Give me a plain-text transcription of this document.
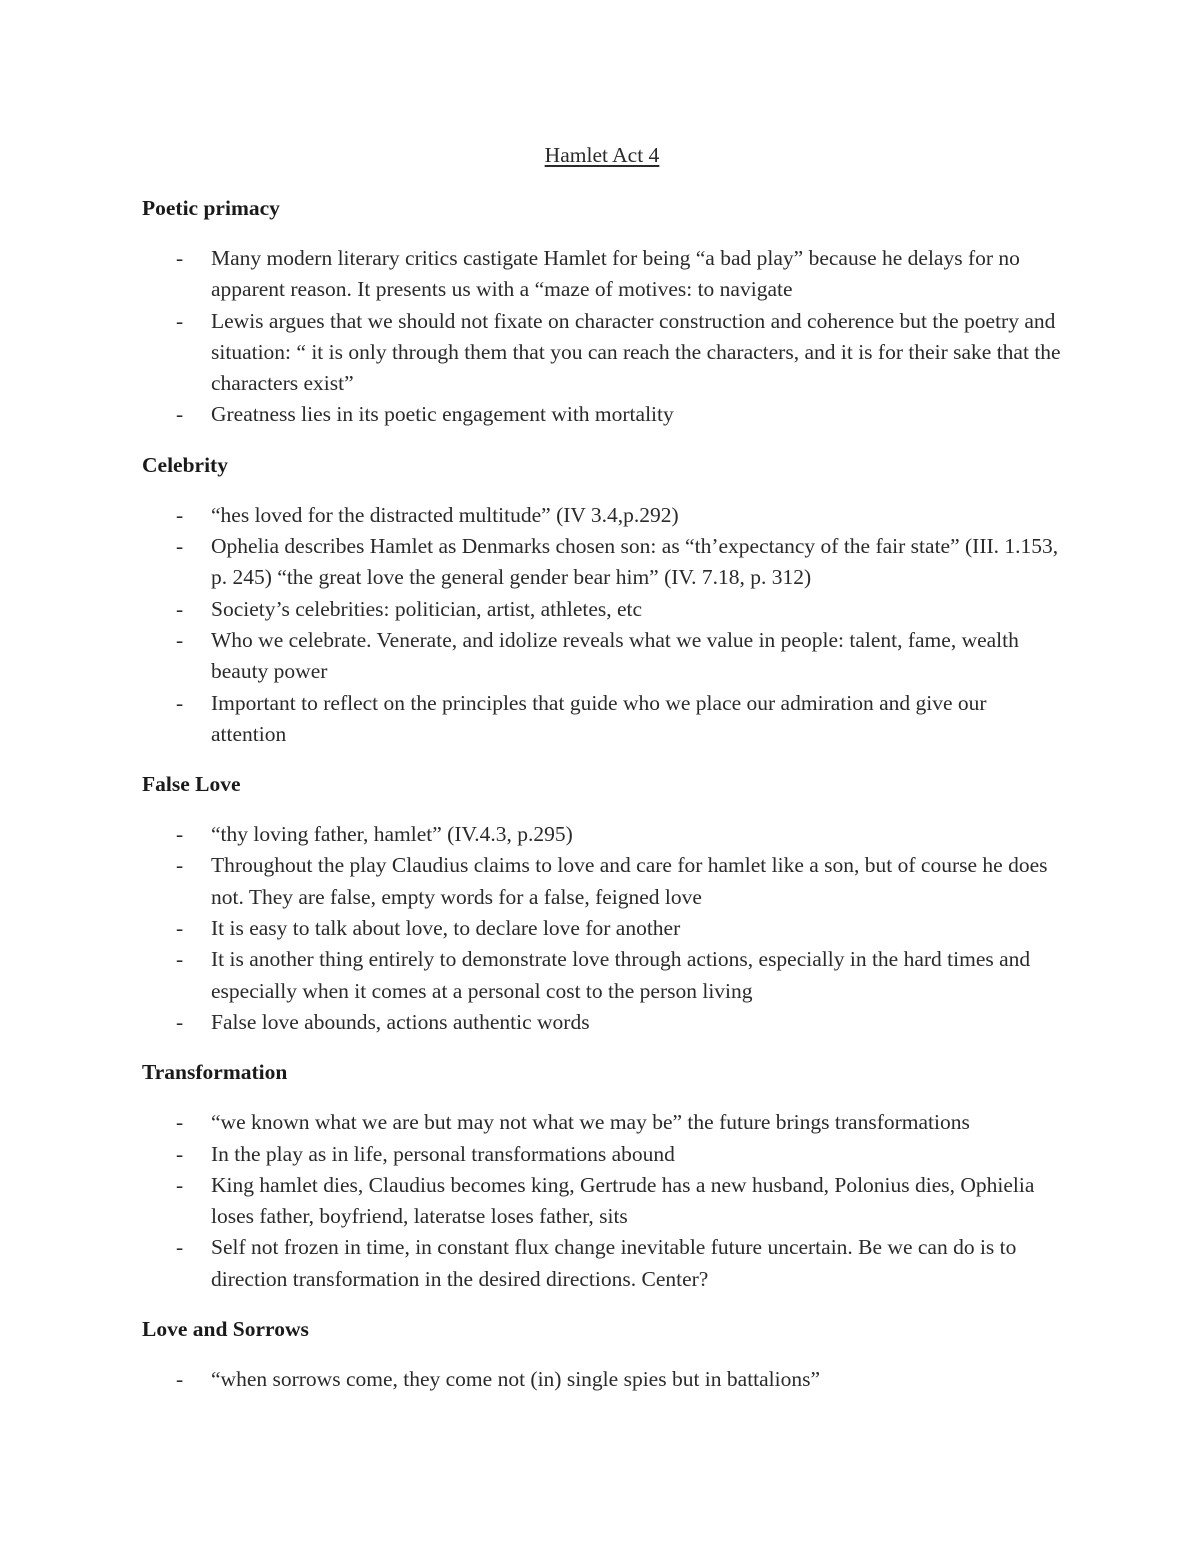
Hamlet Act 4
Poetic primacy
- Many modern literary critics castigate Hamlet for being “a bad play” because he delays for no apparent reason. It presents us with a “maze of motives: to navigate
- Lewis argues that we should not fixate on character construction and coherence but the poetry and situation: “ it is only through them that you can reach the characters, and it is for their sake that the characters exist”
- Greatness lies in its poetic engagement with mortality
Celebrity
- “hes loved for the distracted multitude” (IV 3.4,p.292)
- Ophelia describes Hamlet as Denmarks chosen son: as “th’expectancy of the fair state” (III. 1.153, p. 245) “the great love the general gender bear him” (IV. 7.18, p. 312)
- Society’s celebrities: politician, artist, athletes, etc
- Who we celebrate. Venerate, and idolize reveals what we value in people: talent, fame, wealth beauty power
- Important to reflect on the principles that guide who we place our admiration and give our attention
False Love
- “thy loving father, hamlet” (IV.4.3, p.295)
- Throughout the play Claudius claims to love and care for hamlet like a son, but of course he does not. They are false, empty words for a false, feigned love
- It is easy to talk about love, to declare love for another
- It is another thing entirely to demonstrate love through actions, especially in the hard times and especially when it comes at a personal cost to the person living
- False love abounds, actions authentic words
Transformation
- “we known what we are but may not what we may be” the future brings transformations
- In the play as in life, personal transformations abound
- King hamlet dies, Claudius becomes king, Gertrude has a new husband, Polonius dies, Ophielia loses father, boyfriend, lateratse loses father, sits
- Self not frozen in time, in constant flux change inevitable future uncertain. Be we can do is to direction transformation in the desired directions. Center?
Love and Sorrows
- “when sorrows come, they come not (in) single spies but in battalions”
